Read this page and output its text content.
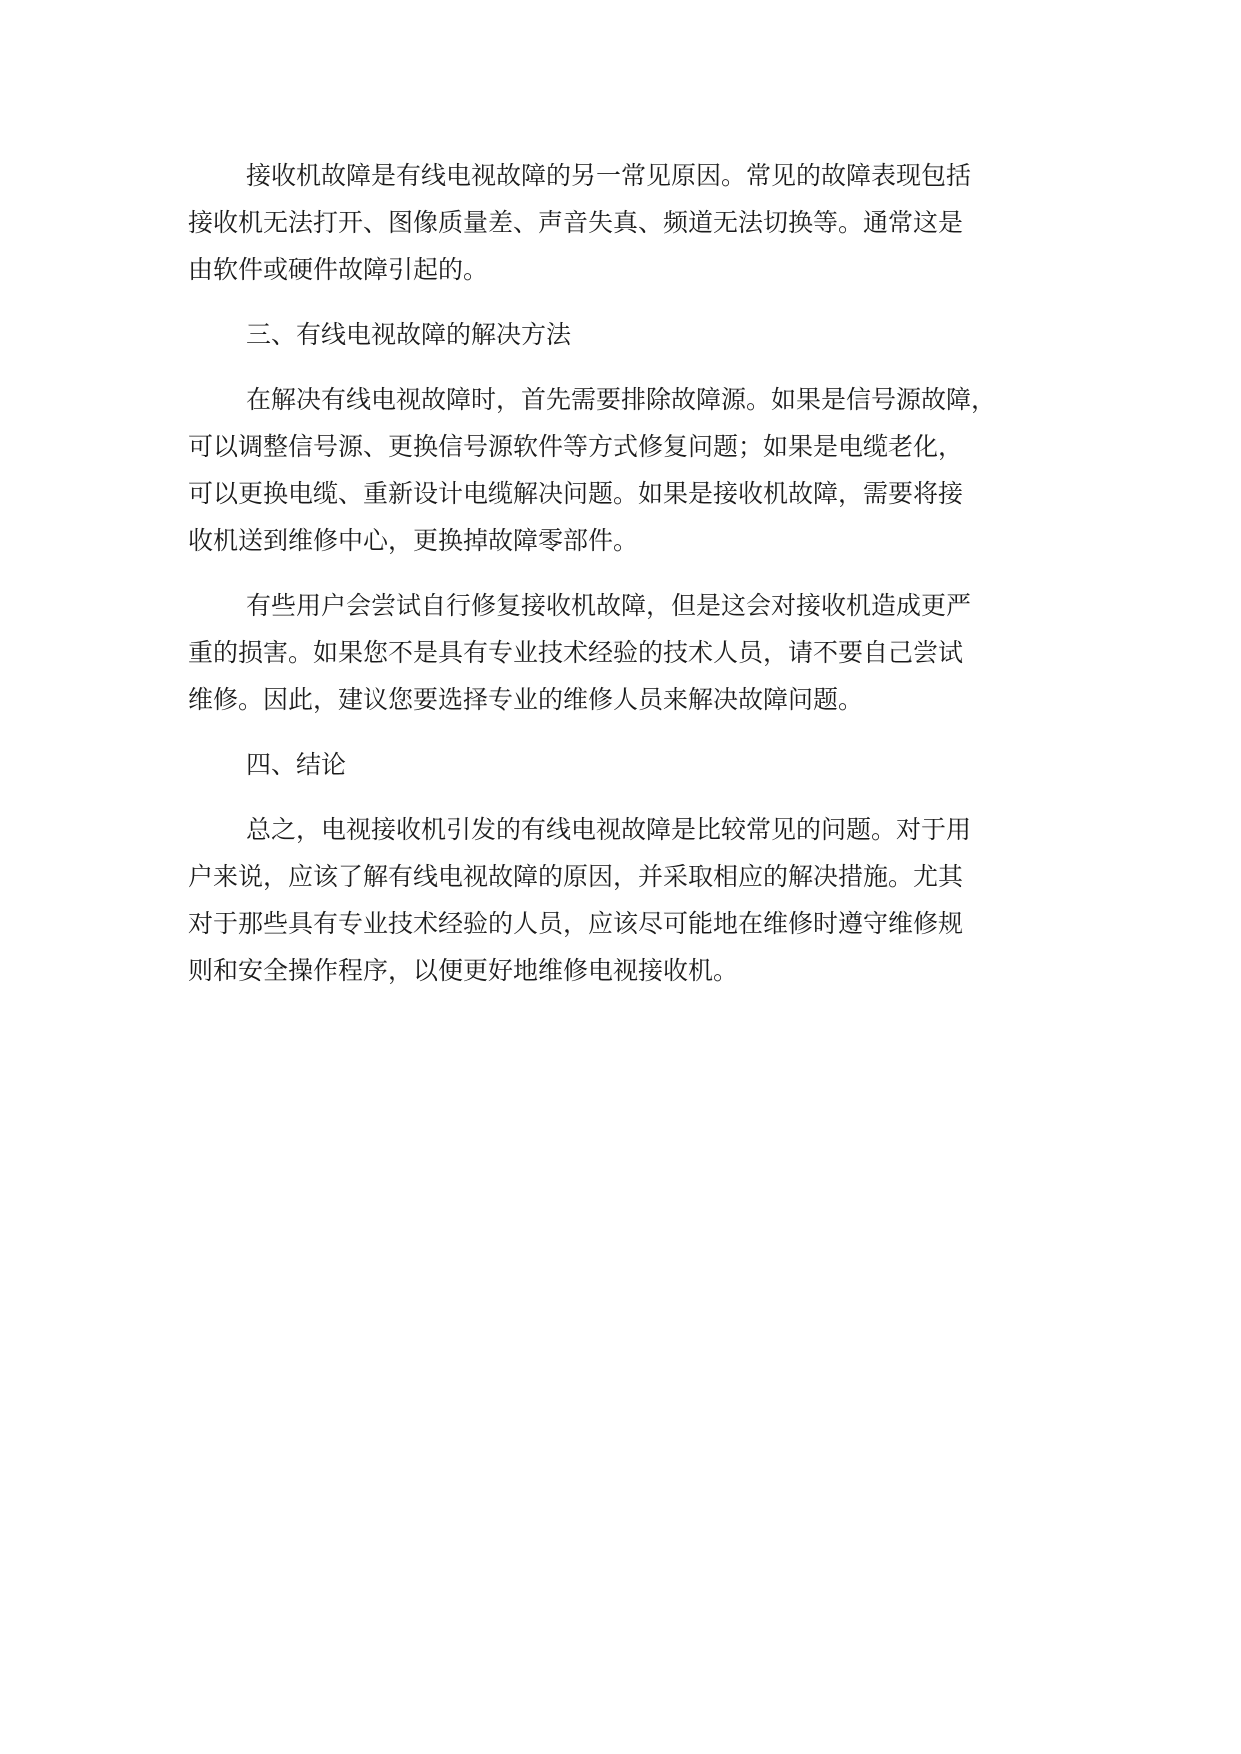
接收机故障是有线电视故障的另一常见原因。常见的故障表现包括
接收机无法打开、图像质量差、声音失真、频道无法切换等。通常这是
由软件或硬件故障引起的。
三、有线电视故障的解决方法
在解决有线电视故障时，首先需要排除故障源。如果是信号源故障，
可以调整信号源、更换信号源软件等方式修复问题；如果是电缆老化，
可以更换电缆、重新设计电缆解决问题。如果是接收机故障，需要将接
收机送到维修中心，更换掉故障零部件。
有些用户会尝试自行修复接收机故障，但是这会对接收机造成更严
重的损害。如果您不是具有专业技术经验的技术人员，请不要自己尝试
维修。因此，建议您要选择专业的维修人员来解决故障问题。
四、结论
总之，电视接收机引发的有线电视故障是比较常见的问题。对于用
户来说，应该了解有线电视故障的原因，并采取相应的解决措施。尤其
对于那些具有专业技术经验的人员，应该尽可能地在维修时遵守维修规
则和安全操作程序，以便更好地维修电视接收机。
